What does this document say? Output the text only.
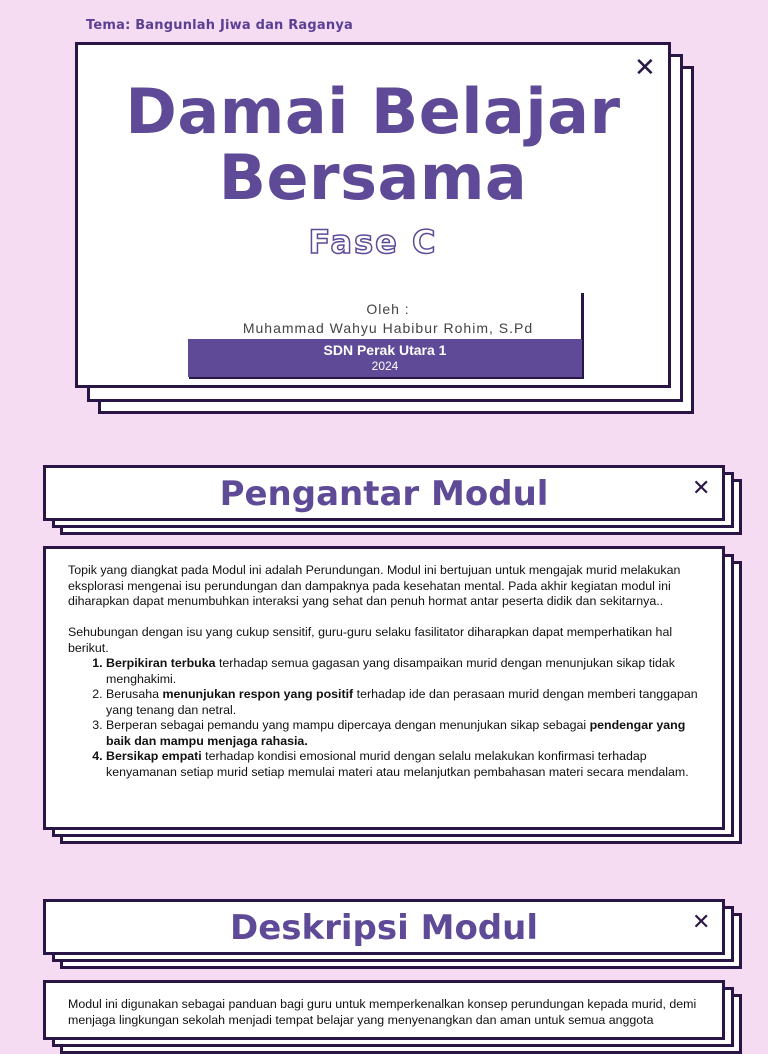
Tema: Bangunlah Jiwa dan Raganya
✕
Damai Belajar
Bersama
Fase C
Oleh :
Muhammad Wahyu Habibur Rohim, S.Pd
SDN Perak Utara 1
2024
Pengantar Modul	✕

Topik yang diangkat pada Modul ini adalah Perundungan. Modul ini bertujuan untuk mengajak murid melakukan eksplorasi mengenai isu perundungan dan dampaknya pada kesehatan mental. Pada akhir kegiatan modul ini diharapkan dapat menumbuhkan interaksi yang sehat dan penuh hormat antar peserta didik dan sekitarnya..

Sehubungan dengan isu yang cukup sensitif, guru-guru selaku fasilitator diharapkan dapat memperhatikan hal berikut.

1. Berpikiran terbuka terhadap semua gagasan yang disampaikan murid dengan menunjukan sikap tidak menghakimi.
2. Berusaha menunjukan respon yang positif terhadap ide dan perasaan murid dengan memberi tanggapan yang tenang dan netral.
3. Berperan sebagai pemandu yang mampu dipercaya dengan menunjukan sikap sebagai pendengar yang baik dan mampu menjaga rahasia.
4. Bersikap empati terhadap kondisi emosional murid dengan selalu melakukan konfirmasi terhadap kenyamanan setiap murid setiap memulai materi atau melanjutkan pembahasan materi secara mendalam.
Deskripsi Modul	✕
Modul ini digunakan sebagai panduan bagi guru untuk memperkenalkan konsep perundungan kepada murid, demi menjaga lingkungan sekolah menjadi tempat belajar yang menyenangkan dan aman untuk semua anggota
